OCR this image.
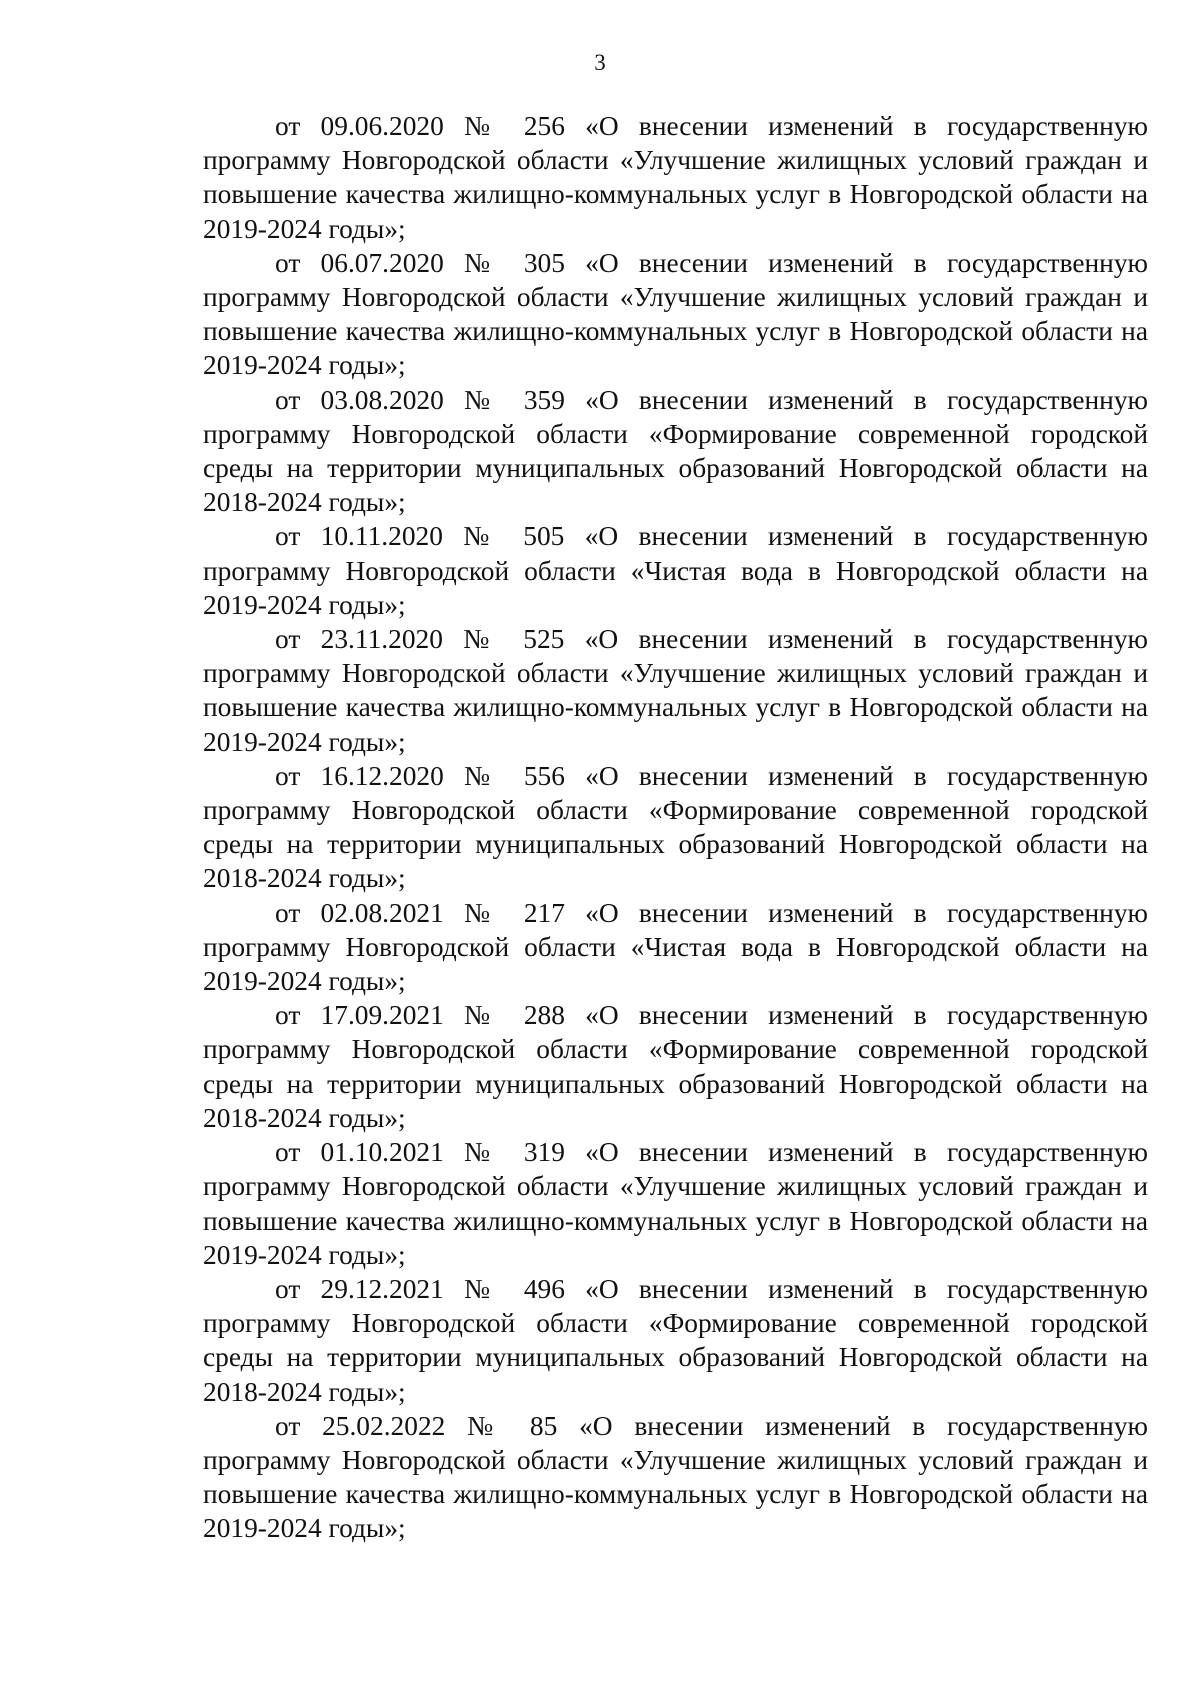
3

от 09.06.2020 № 256 «О внесении изменений в государственную программу Новгородской области «Улучшение жилищных условий граждан и повышение качества жилищно-коммунальных услуг в Новгородской области на 2019-2024 годы»;

от 06.07.2020 № 305 «О внесении изменений в государственную программу Новгородской области «Улучшение жилищных условий граждан и повышение качества жилищно-коммунальных услуг в Новгородской области на 2019-2024 годы»;

от 03.08.2020 № 359 «О внесении изменений в государственную программу Новгородской области «Формирование современной городской среды на территории муниципальных образований Новгородской области на 2018-2024 годы»;

от 10.11.2020 № 505 «О внесении изменений в государственную программу Новгородской области «Чистая вода в Новгородской области на 2019-2024 годы»;

от 23.11.2020 № 525 «О внесении изменений в государственную программу Новгородской области «Улучшение жилищных условий граждан и повышение качества жилищно-коммунальных услуг в Новгородской области на 2019-2024 годы»;

от 16.12.2020 № 556 «О внесении изменений в государственную программу Новгородской области «Формирование современной городской среды на территории муниципальных образований Новгородской области на 2018-2024 годы»;

от 02.08.2021 № 217 «О внесении изменений в государственную программу Новгородской области «Чистая вода в Новгородской области на 2019-2024 годы»;

от 17.09.2021 № 288 «О внесении изменений в государственную программу Новгородской области «Формирование современной городской среды на территории муниципальных образований Новгородской области на 2018-2024 годы»;

от 01.10.2021 № 319 «О внесении изменений в государственную программу Новгородской области «Улучшение жилищных условий граждан и повышение качества жилищно-коммунальных услуг в Новгородской области на 2019-2024 годы»;

от 29.12.2021 № 496 «О внесении изменений в государственную программу Новгородской области «Формирование современной городской среды на территории муниципальных образований Новгородской области на 2018-2024 годы»;

от 25.02.2022 № 85 «О внесении изменений в государственную программу Новгородской области «Улучшение жилищных условий граждан и повышение качества жилищно-коммунальных услуг в Новгородской области на 2019-2024 годы»;
